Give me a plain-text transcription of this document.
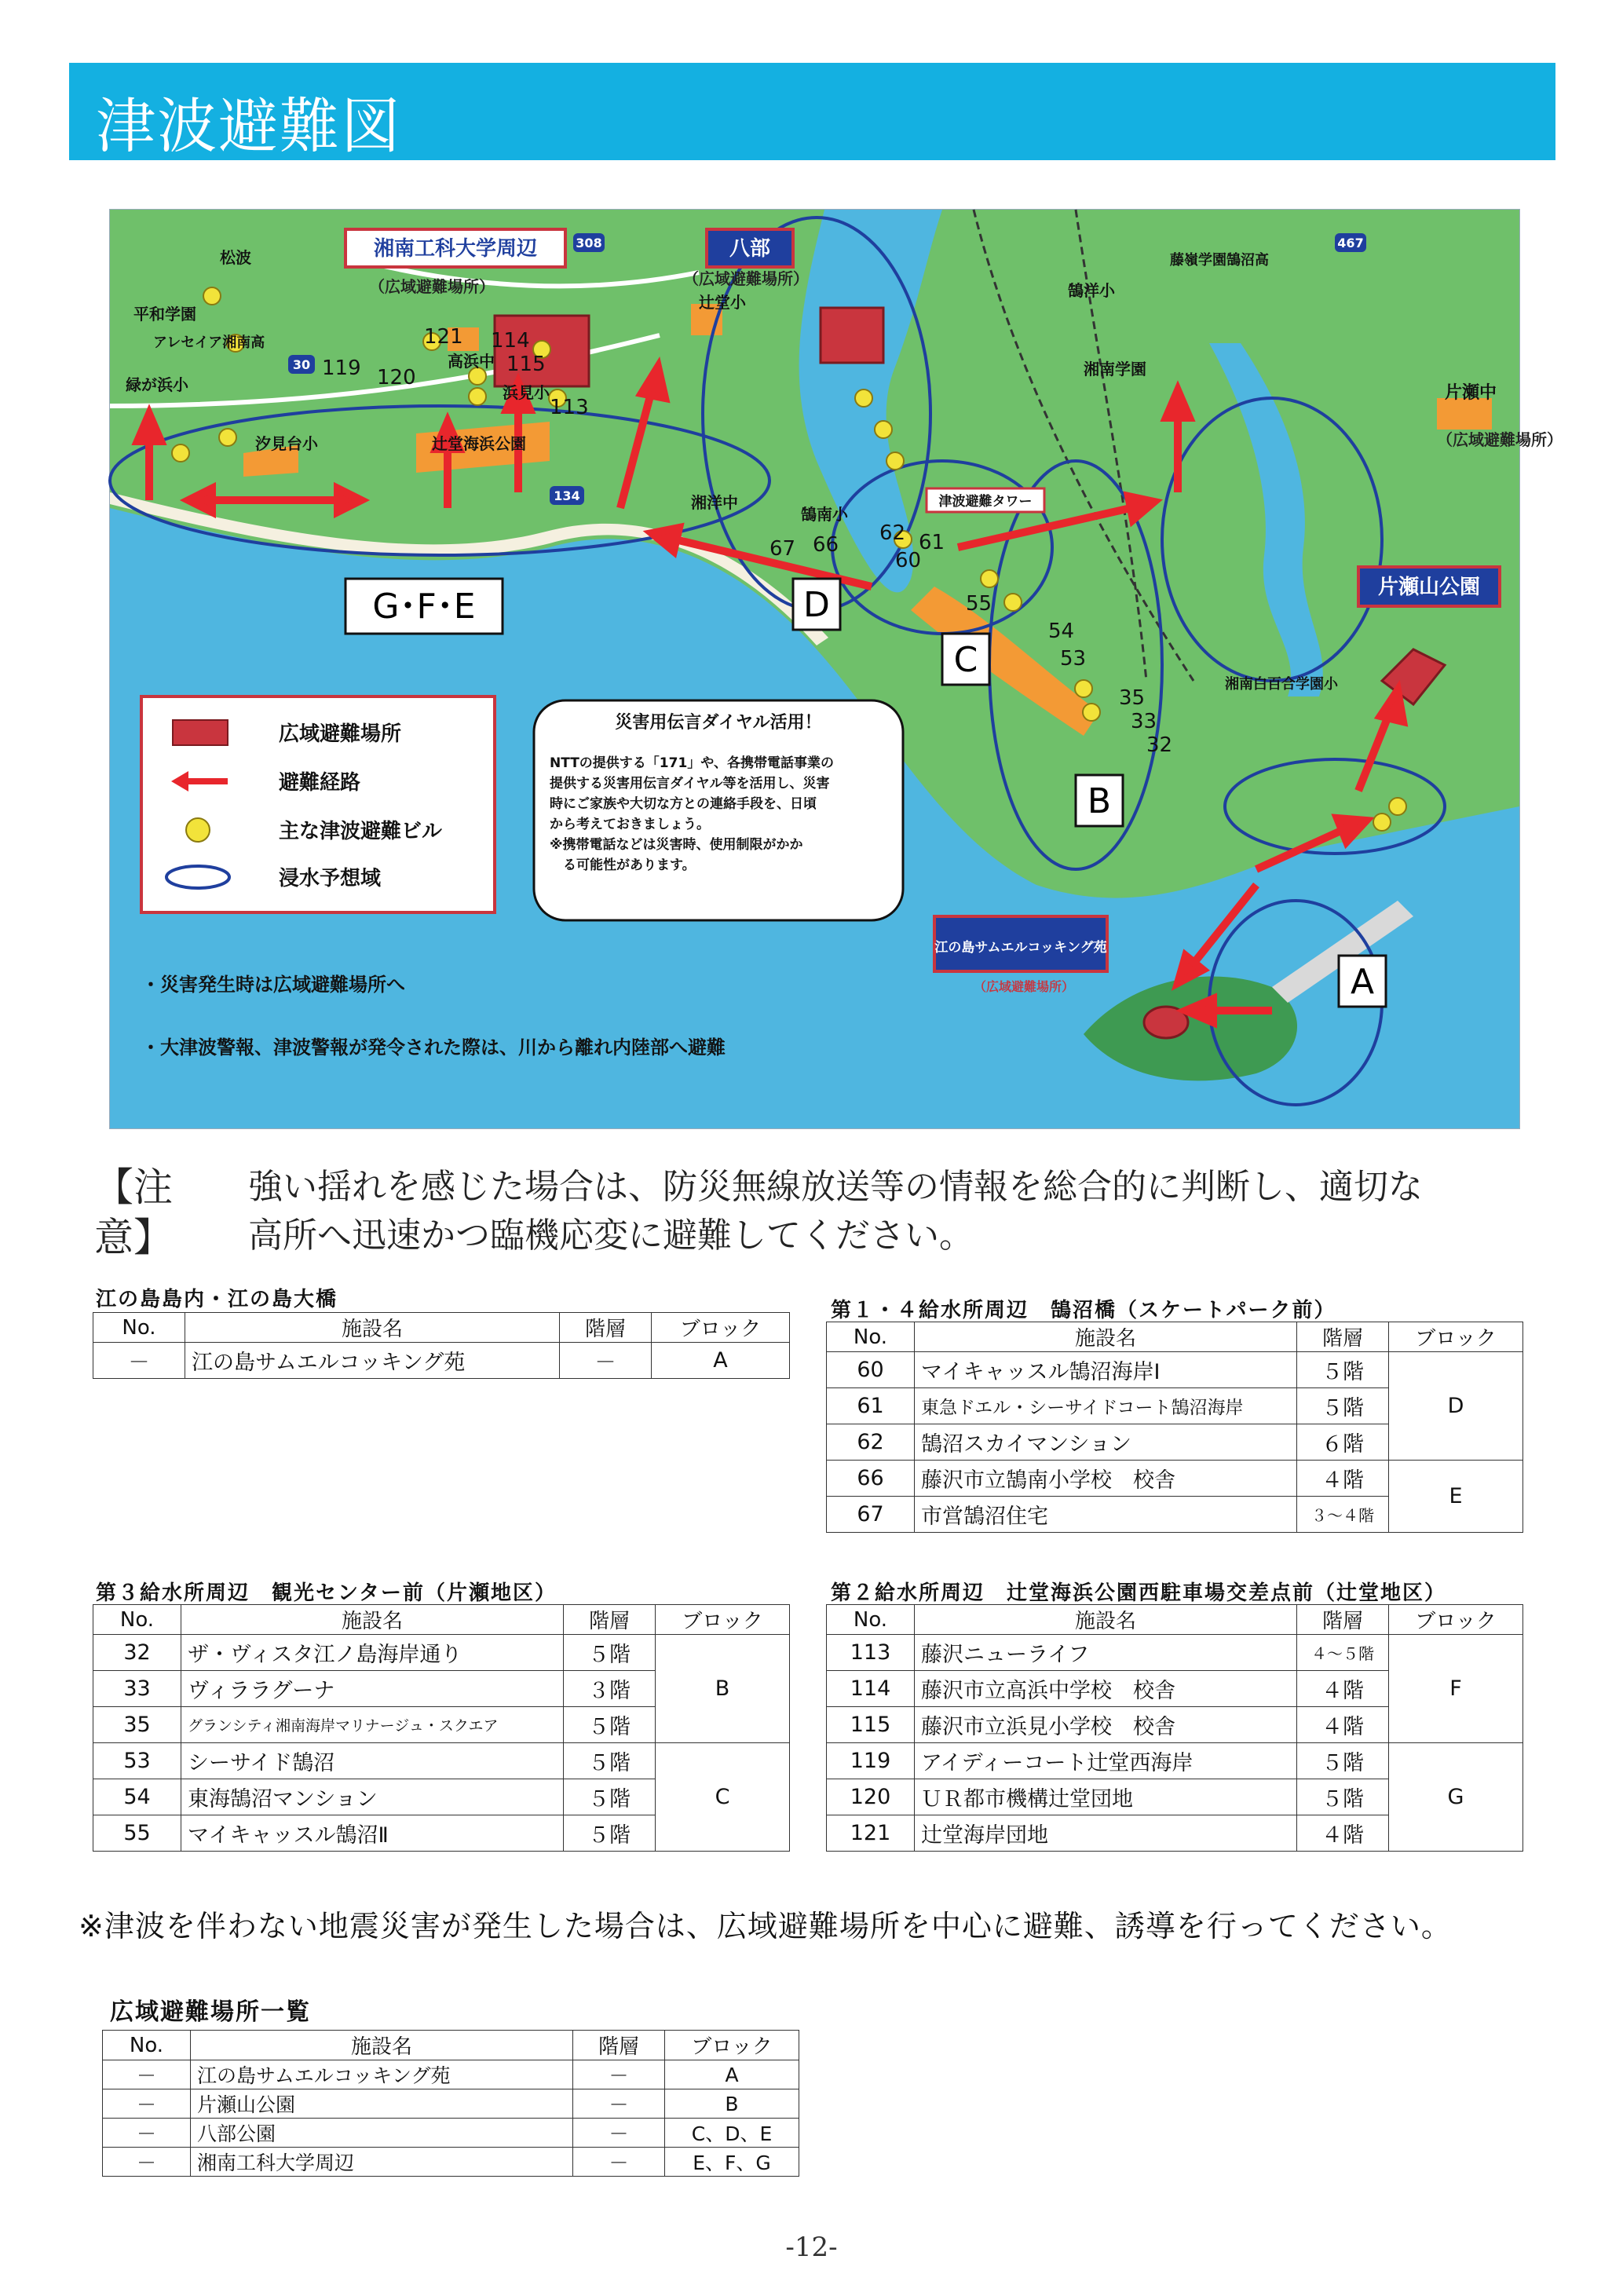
津波避難図
308	467
30
134
湘南工科大学周辺
（広域避難場所）
八部
（広域避難場所）
片瀬山公園
片瀬中
（広域避難場所）
津波避難タワー
江の島サムエルコッキング苑
（広域避難場所）
松波
平和学園
アレセイア湘南高
緑が浜小
汐見台小	辻堂海浜公園
高浜中
浜見小
辻堂小
鵠洋小
藤嶺学園鵠沼高
湘南学園
湘洋中
鵠南小
湘南白百合学園小
121 114
115
119 120
113
67 66 62 61
60
55
54
53
35
33
32
A
B
C
D
G･F･E
広域避難場所
避難経路
主な津波避難ビル
浸水予想域
災害用伝言ダイヤル活用！
NTTの提供する「171」や、各携帯電話事業の
提供する災害用伝言ダイヤル等を活用し、災害
時にご家族や大切な方との連絡手段を、日頃
から考えておきましょう。
※携帯電話などは災害時、使用制限がかか
　る可能性があります。
・災害発生時は広域避難場所へ
・大津波警報、津波警報が発令された際は、川から離れ内陸部へ避難
【注意】
強い揺れを感じた場合は、防災無線放送等の情報を総合的に判断し、適切な
高所へ迅速かつ臨機応変に避難してください。
江の島島内・江の島大橋
No.	施設名	階層	ブロック
－	江の島サムエルコッキング苑	－	A
第１・４給水所周辺　鵠沼橋（スケートパーク前）
No.	施設名	階層	ブロック
60	マイキャッスル鵠沼海岸Ⅰ	５階	D
61	東急ドエル・シーサイドコート鵠沼海岸	５階	
62	鵠沼スカイマンション	６階	
66	藤沢市立鵠南小学校　校舎	４階	E
67	市営鵠沼住宅	３～４階	
第３給水所周辺　観光センター前（片瀬地区）
No.	施設名	階層	ブロック
32	ザ・ヴィスタ江ノ島海岸通り	５階	B
33	ヴィララグーナ	３階	
35	グランシティ湘南海岸マリナージュ・スクエア	５階	
53	シーサイド鵠沼	５階	C
54	東海鵠沼マンション	５階	
55	マイキャッスル鵠沼Ⅱ	５階	
第２給水所周辺　辻堂海浜公園西駐車場交差点前（辻堂地区）
No.	施設名	階層	ブロック
113	藤沢ニューライフ	４～５階	F
114	藤沢市立高浜中学校　校舎	４階	
115	藤沢市立浜見小学校　校舎	４階	
119	アイディーコート辻堂西海岸	５階	G
120	ＵＲ都市機構辻堂団地	５階	
121	辻堂海岸団地	４階	
※津波を伴わない地震災害が発生した場合は、広域避難場所を中心に避難、誘導を行ってください。
広域避難場所一覧
No.	施設名	階層	ブロック
－	江の島サムエルコッキング苑	－	A
－	片瀬山公園	－	B
－	八部公園	－	C、D、E
－	湘南工科大学周辺	－	E、F、G
-12-
